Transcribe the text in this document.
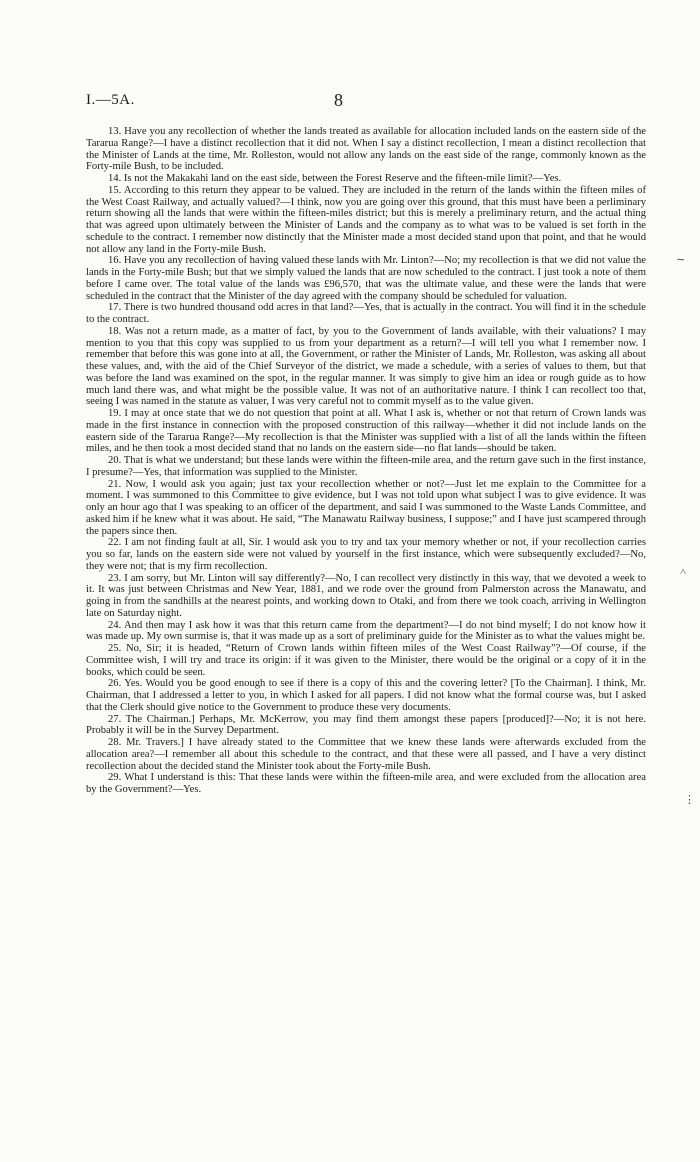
I.—5A.	8

13. Have you any recollection of whether the lands treated as available for allocation included lands on the eastern side of the Tararua Range?—I have a distinct recollection that it did not. When I say a distinct recollection, I mean a distinct recollection that the Minister of Lands at the time, Mr. Rolleston, would not allow any lands on the east side of the range, commonly known as the Forty-mile Bush, to be included.

14. Is not the Makakahi land on the east side, between the Forest Reserve and the fifteen-mile limit?—Yes.

15. According to this return they appear to be valued. They are included in the return of the lands within the fifteen miles of the West Coast Railway, and actually valued?—I think, now you are going over this ground, that this must have been a perliminary return showing all the lands that were within the fifteen-miles district; but this is merely a preliminary return, and the actual thing that was agreed upon ultimately between the Minister of Lands and the company as to what was to be valued is set forth in the schedule to the contract. I remember now distinctly that the Minister made a most decided stand upon that point, and that he would not allow any land in the Forty-mile Bush.

16. Have you any recollection of having valued these lands with Mr. Linton?—No; my recollection is that we did not value the lands in the Forty-mile Bush; but that we simply valued the lands that are now scheduled to the contract. I just took a note of them before I came over. The total value of the lands was £96,570, that was the ultimate value, and these were the lands that were scheduled in the contract that the Minister of the day agreed with the company should be scheduled for valuation.

17. There is two hundred thousand odd acres in that land?—Yes, that is actually in the contract. You will find it in the schedule to the contract.

18. Was not a return made, as a matter of fact, by you to the Government of lands available, with their valuations? I may mention to you that this copy was supplied to us from your department as a return?—I will tell you what I remember now. I remember that before this was gone into at all, the Government, or rather the Minister of Lands, Mr. Rolleston, was asking all about these values, and, with the aid of the Chief Surveyor of the district, we made a schedule, with a series of values to them, but that was before the land was examined on the spot, in the regular manner. It was simply to give him an idea or rough guide as to how much land there was, and what might be the possible value. It was not of an authoritative nature. I think I can recollect too that, seeing I was named in the statute as valuer, I was very careful not to commit myself as to the value given.

19. I may at once state that we do not question that point at all. What I ask is, whether or not that return of Crown lands was made in the first instance in connection with the proposed construction of this railway—whether it did not include lands on the eastern side of the Tararua Range?—My recollection is that the Minister was supplied with a list of all the lands within the fifteen miles, and he then took a most decided stand that no lands on the eastern side—no flat lands—should be taken.

20. That is what we understand; but these lands were within the fifteen-mile area, and the return gave such in the first instance, I presume?—Yes, that information was supplied to the Minister.

21. Now, I would ask you again; just tax your recollection whether or not?—Just let me explain to the Committee for a moment. I was summoned to this Committee to give evidence, but I was not told upon what subject I was to give evidence. It was only an hour ago that I was speaking to an officer of the department, and said I was summoned to the Waste Lands Committee, and asked him if he knew what it was about. He said, “The Manawatu Railway business, I suppose;” and I have just scampered through the papers since then.

22. I am not finding fault at all, Sir. I would ask you to try and tax your memory whether or not, if your recollection carries you so far, lands on the eastern side were not valued by yourself in the first instance, which were subsequently excluded?—No, they were not; that is my firm recollection.

23. I am sorry, but Mr. Linton will say differently?—No, I can recollect very distinctly in this way, that we devoted a week to it. It was just between Christmas and New Year, 1881, and we rode over the ground from Palmerston across the Manawatu, and going in from the sandhills at the nearest points, and working down to Otaki, and from there we took coach, arriving in Wellington late on Saturday night.

24. And then may I ask how it was that this return came from the department?—I do not bind myself; I do not know how it was made up. My own surmise is, that it was made up as a sort of preliminary guide for the Minister as to what the values might be.

25. No, Sir; it is headed, “Return of Crown lands within fifteen miles of the West Coast Railway”?—Of course, if the Committee wish, I will try and trace its origin: if it was given to the Minister, there would be the original or a copy of it in the books, which could be seen.

26. Yes. Would you be good enough to see if there is a copy of this and the covering letter? [To the Chairman]. I think, Mr. Chairman, that I addressed a letter to you, in which I asked for all papers. I did not know what the formal course was, but I asked that the Clerk should give notice to the Government to produce these very documents.

27. The Chairman.] Perhaps, Mr. McKerrow, you may find them amongst these papers [produced]?—No; it is not here. Probably it will be in the Survey Department.

28. Mr. Travers.] I have already stated to the Committee that we knew these lands were afterwards excluded from the allocation area?—I remember all about this schedule to the contract, and that these were all passed, and I have a very distinct recollection about the decided stand the Minister took about the Forty-mile Bush.

29. What I understand is this: That these lands were within the fifteen-mile area, and were excluded from the allocation area by the Government?—Yes.

∼
˄
⋮
